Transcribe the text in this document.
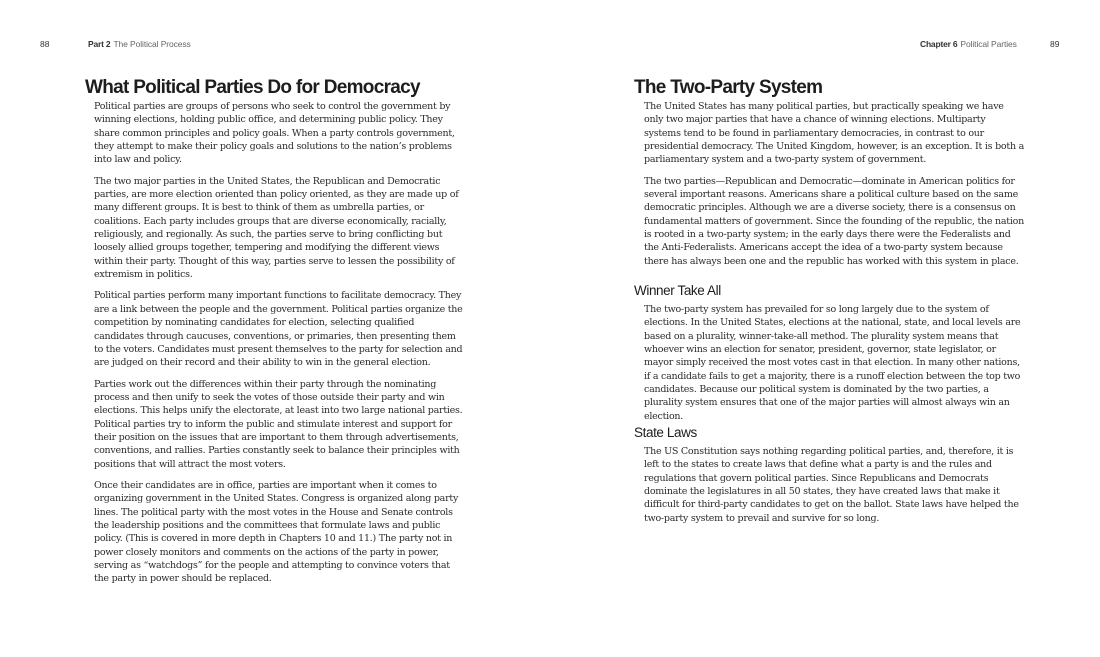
88	Part 2 The Political Process
What Political Parties Do for Democracy

Political parties are groups of persons who seek to control the government by winning elections, holding public office, and determining public policy. They share common principles and policy goals. When a party controls government, they attempt to make their policy goals and solutions to the nation’s problems into law and policy.

The two major parties in the United States, the Republican and Democratic parties, are more election oriented than policy oriented, as they are made up of many different groups. It is best to think of them as umbrella parties, or coalitions. Each party includes groups that are diverse economically, racially, religiously, and regionally. As such, the parties serve to bring conflicting but loosely allied groups together, tempering and modifying the different views within their party. Thought of this way, parties serve to lessen the possibility of extremism in politics.

Political parties perform many important functions to facilitate democracy. They are a link between the people and the government. Political parties organize the competition by nominating candidates for election, selecting qualified candidates through caucuses, conventions, or primaries, then presenting them to the voters. Candidates must present themselves to the party for selection and are judged on their record and their ability to win in the general election.

Parties work out the differences within their party through the nominating process and then unify to seek the votes of those outside their party and win elections. This helps unify the electorate, at least into two large national parties. Political parties try to inform the public and stimulate interest and support for their position on the issues that are important to them through advertisements, conventions, and rallies. Parties constantly seek to balance their principles with positions that will attract the most voters.

Once their candidates are in office, parties are important when it comes to organizing government in the United States. Congress is organized along party lines. The political party with the most votes in the House and Senate controls the leadership positions and the committees that formulate laws and public policy. (This is covered in more depth in Chapters 10 and 11.) The party not in power closely monitors and comments on the actions of the party in power, serving as “watchdogs” for the people and attempting to convince voters that the party in power should be replaced.

Chapter 6 Political Parties	89
The Two-Party System

The United States has many political parties, but practically speaking we have only two major parties that have a chance of winning elections. Multiparty systems tend to be found in parliamentary democracies, in contrast to our presidential democracy. The United Kingdom, however, is an exception. It is both a parliamentary system and a two-party system of government.

The two parties—Republican and Democratic—dominate in American politics for several important reasons. Americans share a political culture based on the same democratic principles. Although we are a diverse society, there is a consensus on fundamental matters of government. Since the founding of the republic, the nation is rooted in a two-party system; in the early days there were the Federalists and the Anti-Federalists. Americans accept the idea of a two-party system because there has always been one and the republic has worked with this system in place.

Winner Take All

The two-party system has prevailed for so long largely due to the system of elections. In the United States, elections at the national, state, and local levels are based on a plurality, winner-take-all method. The plurality system means that whoever wins an election for senator, president, governor, state legislator, or mayor simply received the most votes cast in that election. In many other nations, if a candidate fails to get a majority, there is a runoff election between the top two candidates. Because our political system is dominated by the two parties, a plurality system ensures that one of the major parties will almost always win an election.

State Laws

The US Constitution says nothing regarding political parties, and, therefore, it is left to the states to create laws that define what a party is and the rules and regulations that govern political parties. Since Republicans and Democrats dominate the legislatures in all 50 states, they have created laws that make it difficult for third-party candidates to get on the ballot. State laws have helped the two-party system to prevail and survive for so long.
